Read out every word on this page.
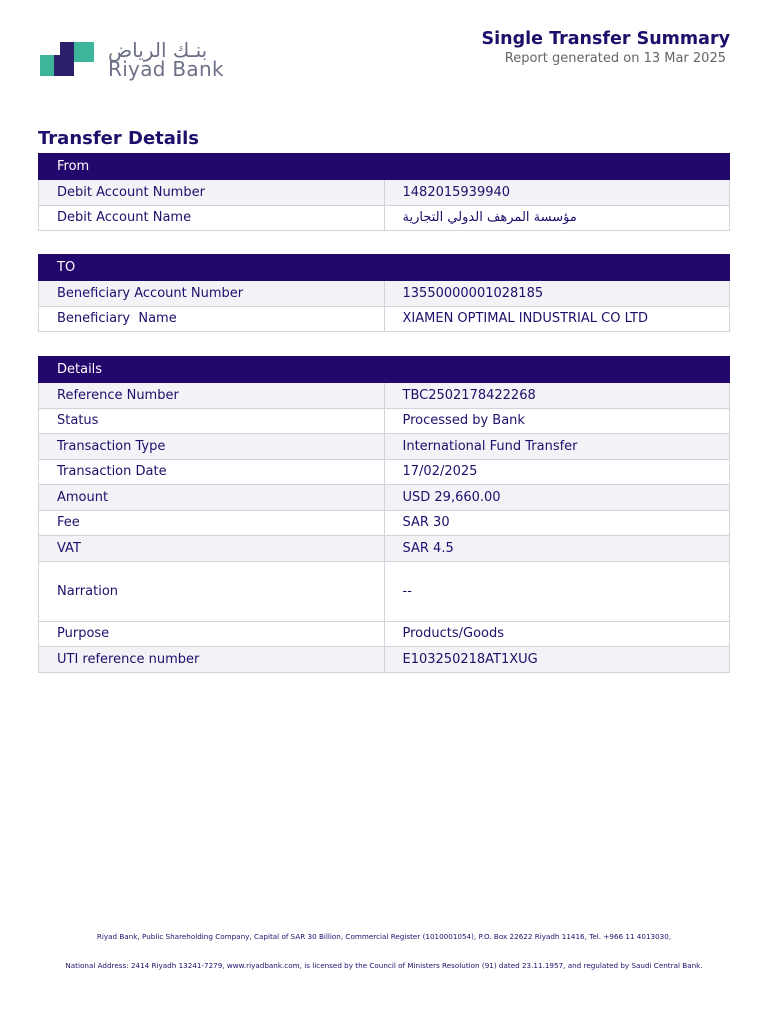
بنـك الرياض
Riyad Bank
Single Transfer Summary
Report generated on 13 Mar 2025
Transfer Details
From	
Debit Account Number	1482015939940
Debit Account Name	مؤسسة المرهف الدولي التجارية
TO	
Beneficiary Account Number	13550000001028185
Beneficiary  Name	XIAMEN OPTIMAL INDUSTRIAL CO LTD
Details	
Reference Number	TBC2502178422268
Status	Processed by Bank
Transaction Type	International Fund Transfer
Transaction Date	17/02/2025
Amount	USD 29,660.00
Fee	SAR 30
VAT	SAR 4.5
Narration	--
Purpose	Products/Goods
UTI reference number	E103250218AT1XUG
Riyad Bank, Public Shareholding Company, Capital of SAR 30 Billion, Commercial Register (1010001054), P.O. Box 22622 Riyadh 11416, Tel. +966 11 4013030,
National Address: 2414 Riyadh 13241-7279, www.riyadbank.com, is licensed by the Council of Ministers Resolution (91) dated 23.11.1957, and regulated by Saudi Central Bank.
